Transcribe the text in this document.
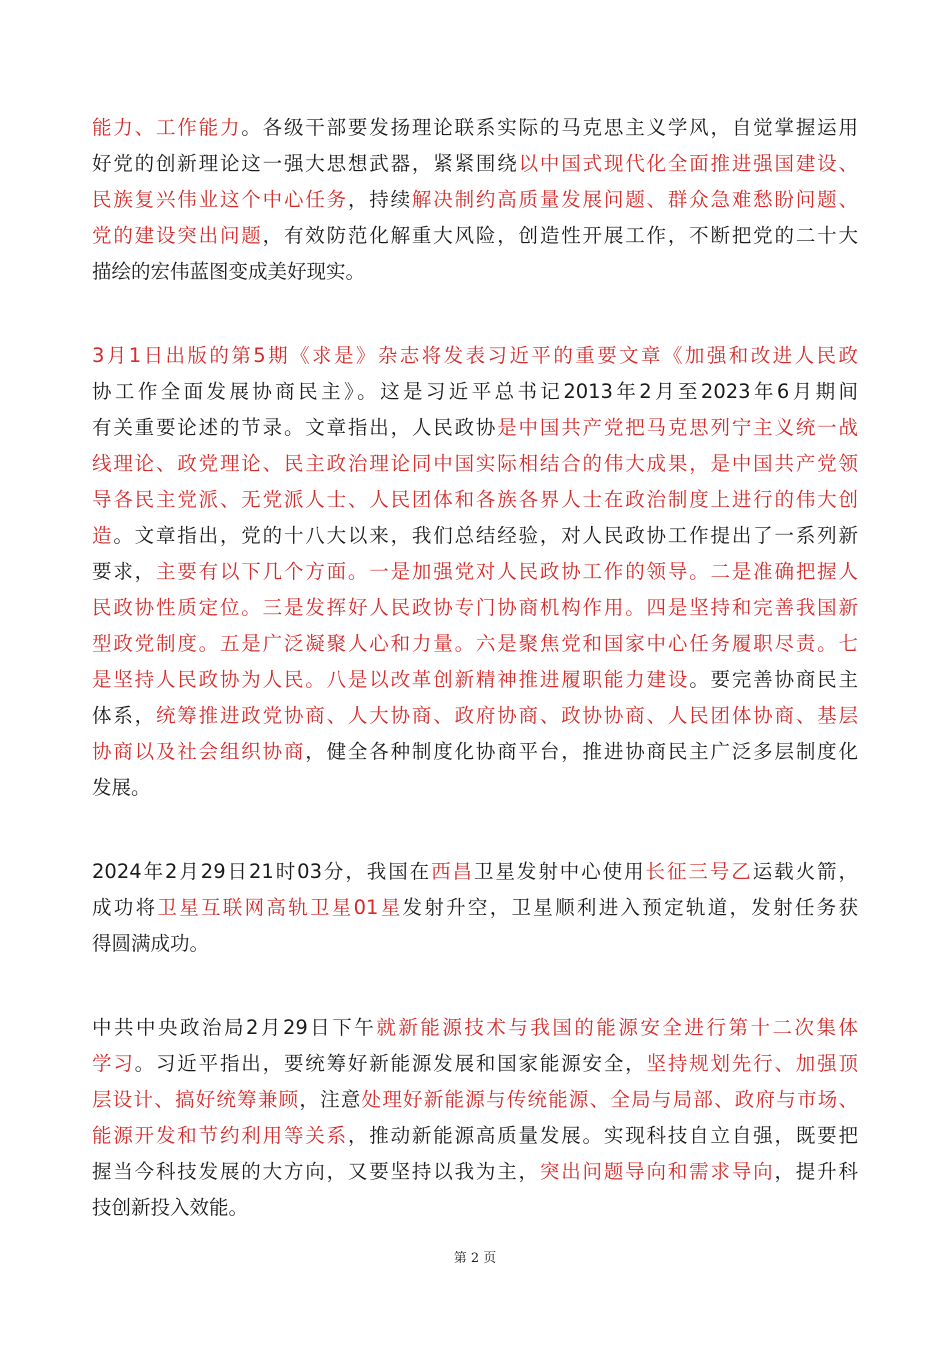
能力、工作能力。各级干部要发扬理论联系实际的马克思主义学风，自觉掌握运用
好党的创新理论这一强大思想武器，紧紧围绕以中国式现代化全面推进强国建设、
民族复兴伟业这个中心任务，持续解决制约高质量发展问题、群众急难愁盼问题、
党的建设突出问题，有效防范化解重大风险，创造性开展工作，不断把党的二十大
描绘的宏伟蓝图变成美好现实。
3月1日出版的第5期《求是》杂志将发表习近平的重要文章《加强和改进人民政
协工作全面发展协商民主》。这是习近平总书记2013年2月至2023年6月期间
有关重要论述的节录。文章指出，人民政协是中国共产党把马克思列宁主义统一战
线理论、政党理论、民主政治理论同中国实际相结合的伟大成果，是中国共产党领
导各民主党派、无党派人士、人民团体和各族各界人士在政治制度上进行的伟大创
造。文章指出，党的十八大以来，我们总结经验，对人民政协工作提出了一系列新
要求，主要有以下几个方面。一是加强党对人民政协工作的领导。二是准确把握人
民政协性质定位。三是发挥好人民政协专门协商机构作用。四是坚持和完善我国新
型政党制度。五是广泛凝聚人心和力量。六是聚焦党和国家中心任务履职尽责。七
是坚持人民政协为人民。八是以改革创新精神推进履职能力建设。要完善协商民主
体系，统筹推进政党协商、人大协商、政府协商、政协协商、人民团体协商、基层
协商以及社会组织协商，健全各种制度化协商平台，推进协商民主广泛多层制度化
发展。
2024年2月29日21时03分，我国在西昌卫星发射中心使用长征三号乙运载火箭，
成功将卫星互联网高轨卫星01星发射升空，卫星顺利进入预定轨道，发射任务获
得圆满成功。
中共中央政治局2月29日下午就新能源技术与我国的能源安全进行第十二次集体
学习。习近平指出，要统筹好新能源发展和国家能源安全，坚持规划先行、加强顶
层设计、搞好统筹兼顾，注意处理好新能源与传统能源、全局与局部、政府与市场、
能源开发和节约利用等关系，推动新能源高质量发展。实现科技自立自强，既要把
握当今科技发展的大方向，又要坚持以我为主，突出问题导向和需求导向，提升科
技创新投入效能。
第 2 页
